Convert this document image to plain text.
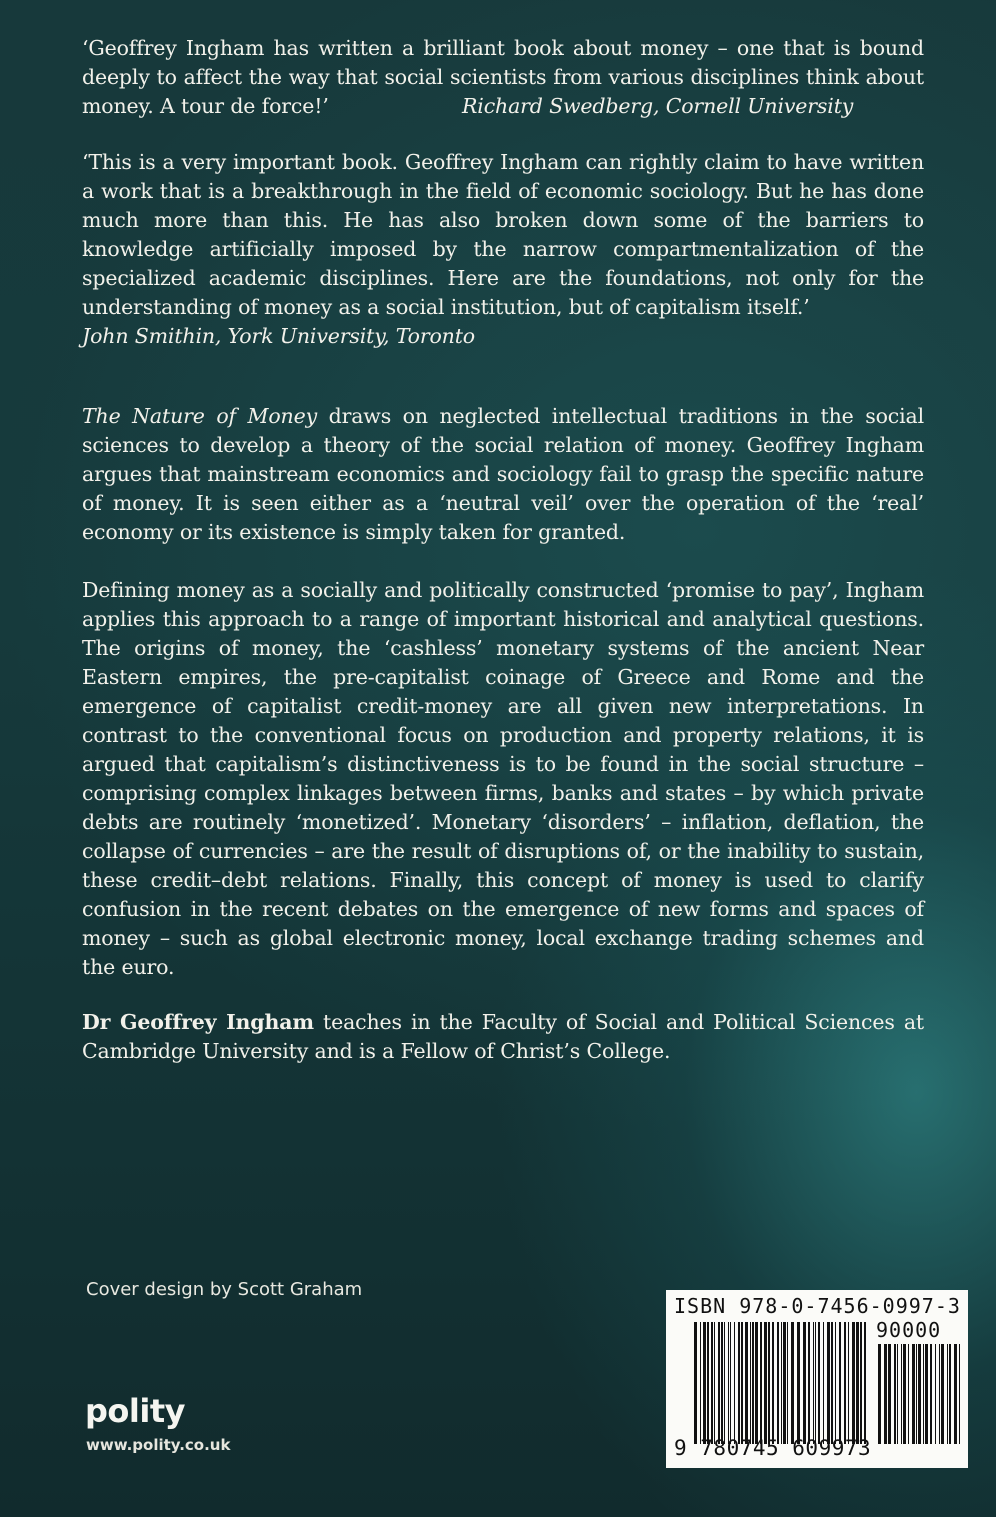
‘Geoffrey Ingham has written a brilliant book about money – one that is bound deeply to affect the way that social scientists from various disciplines think about money. A tour de force!’	Richard Swedberg, Cornell University
‘This is a very important book. Geoffrey Ingham can rightly claim to have written a work that is a breakthrough in the field of economic sociology. But he has done much more than this. He has also broken down some of the barriers to knowledge artificially imposed by the narrow compartmentalization of the specialized academic disciplines. Here are the foundations, not only for the understanding of money as a social institution, but of capitalism itself.’
John Smithin, York University, Toronto
The Nature of Money draws on neglected intellectual traditions in the social sciences to develop a theory of the social relation of money. Geoffrey Ingham argues that mainstream economics and sociology fail to grasp the specific nature of money. It is seen either as a ‘neutral veil’ over the operation of the ‘real’ economy or its existence is simply taken for granted.
Defining money as a socially and politically constructed ‘promise to pay’, Ingham applies this approach to a range of important historical and analytical questions. The origins of money, the ‘cashless’ monetary systems of the ancient Near Eastern empires, the pre-capitalist coinage of Greece and Rome and the emergence of capitalist credit-money are all given new interpretations. In contrast to the conventional focus on production and property relations, it is argued that capitalism’s distinctiveness is to be found in the social structure – comprising complex linkages between firms, banks and states – by which private debts are routinely ‘monetized’. Monetary ‘disorders’ – inflation, deflation, the collapse of currencies – are the result of disruptions of, or the inability to sustain, these credit–debt relations. Finally, this concept of money is used to clarify confusion in the recent debates on the emergence of new forms and spaces of money – such as global electronic money, local exchange trading schemes and the euro.
Dr Geoffrey Ingham teaches in the Faculty of Social and Political Sciences at Cambridge University and is a Fellow of Christ’s College.
Cover design by Scott Graham
polity
www.polity.co.uk
ISBN 978-0-7456-0997-3
90000
9 780745 609973
